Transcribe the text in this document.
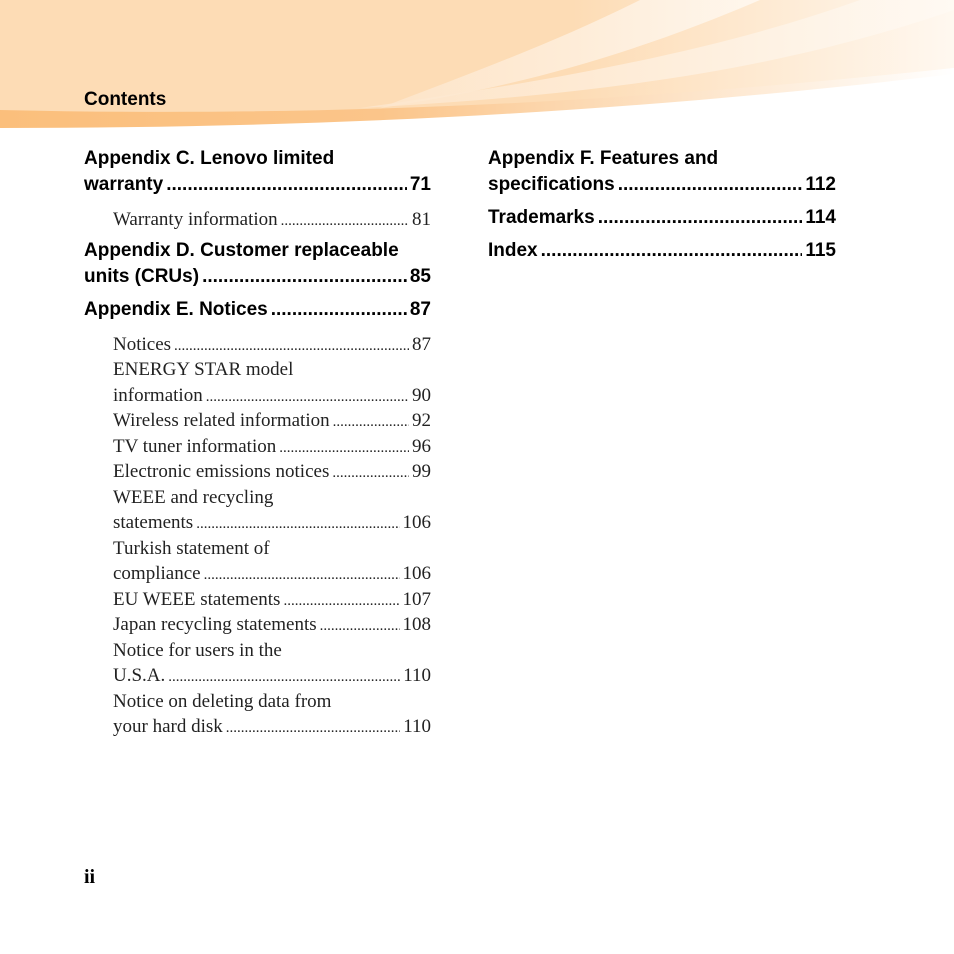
Contents
Appendix C. Lenovo limited
warranty .....	71
Warranty information .....	81
Appendix D. Customer replaceable
units (CRUs) .....	85
Appendix E. Notices .....	87
Notices .....	87
ENERGY STAR model
information .....	90
Wireless related information .....	92
TV tuner information .....	96
Electronic emissions notices .....	99
WEEE and recycling
statements .....	106
Turkish statement of
compliance .....	106
EU WEEE statements .....	107
Japan recycling statements .....	108
Notice for users in the
U.S.A. .....	110
Notice on deleting data from
your hard disk .....	110
Appendix F. Features and
specifications .....	112
Trademarks .....	114
Index .....	115
ii
